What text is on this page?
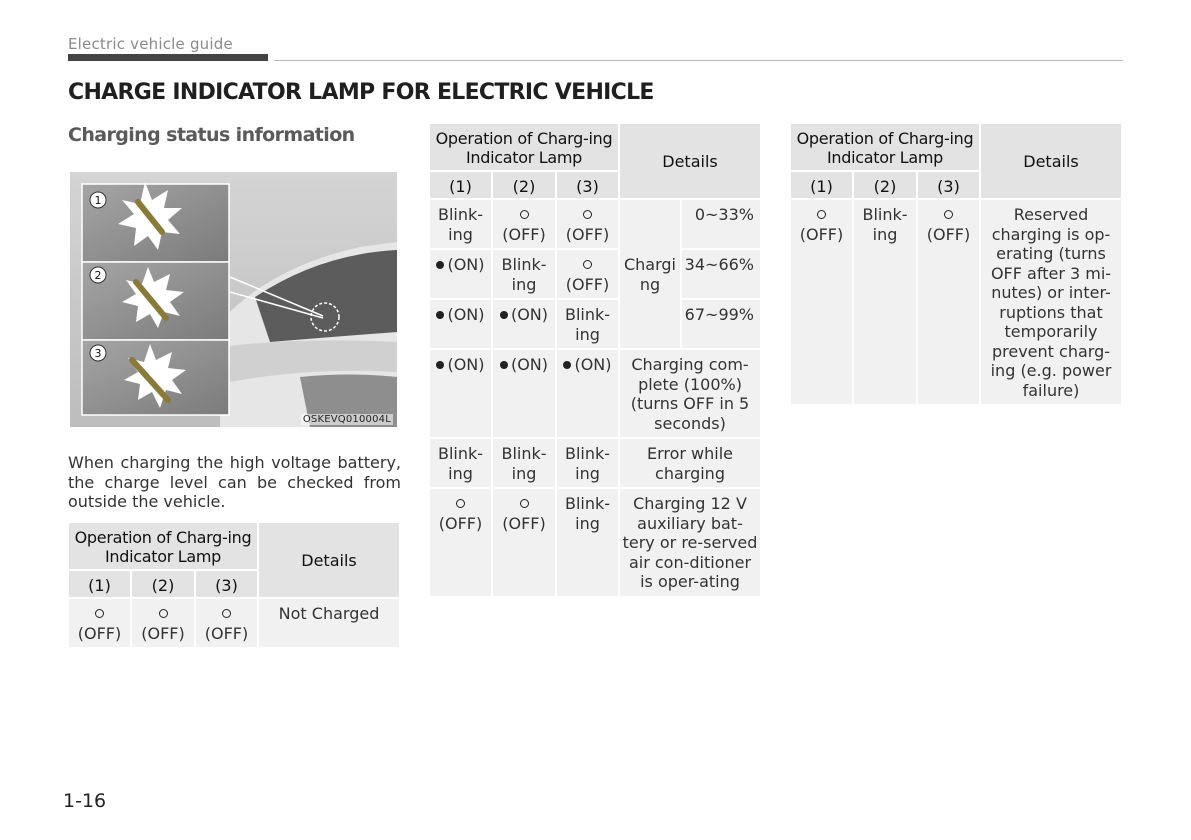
Electric vehicle guide
CHARGE INDICATOR LAMP FOR ELECTRIC VEHICLE
Charging status information
1
2
3
OSKEVQ010004L
When charging the high voltage battery, the charge level can be checked from outside the vehicle.
Operation of Charg-ing Indicator Lamp			Details
(1)	(2)	(3)	

(OFF)	(OFF)	(OFF)	Not Charged
Operation of Charg-ing Indicator Lamp			Details	
(1)	(2)	(3)		
Blink-ing	(OFF)	(OFF)	Chargi ng	0~33%
(ON)	Blink-ing	(OFF)		34~66%
(ON)	(ON)	Blink-ing		67~99%
(ON)	(ON)	(ON)	Charging com-plete (100%) (turns OFF in 5 seconds)	
Blink-ing	Blink-ing	Blink-ing	Error while charging	

(OFF)	(OFF)	Blink-ing	Charging 12 V auxiliary bat-tery or re-served air con-ditioner is oper-ating	
Operation of Charg-ing Indicator Lamp			Details
(1)	(2)	(3)	

(OFF)	Blink-ing	(OFF)	Reserved charging is op-erating (turns OFF after 3 mi-nutes) or inter-ruptions that temporarily prevent charg-ing (e.g. power failure)
1-16
